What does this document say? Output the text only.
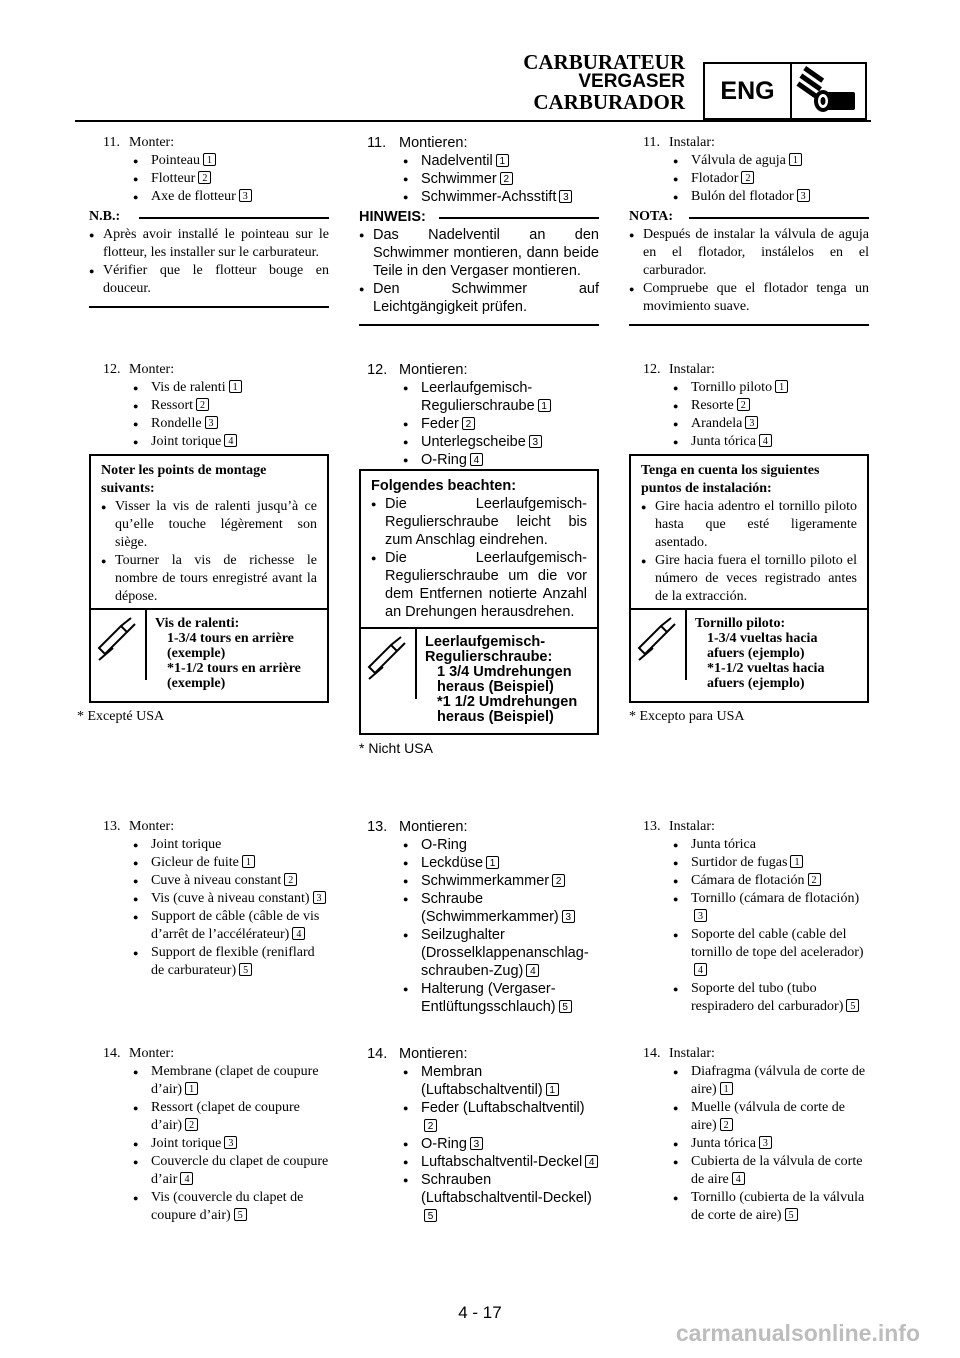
CARBURATEUR
VERGASER
CARBURADOR	ENG
11. Monter:
● Pointeau 1
● Flotteur 2
● Axe de flotteur 3
N.B.:
● Après avoir installé le pointeau sur le flotteur, les installer sur le carburateur.
● Vérifier que le flotteur bouge en douceur.
12. Monter:
● Vis de ralenti 1
● Ressort 2
● Rondelle 3
● Joint torique 4
Noter les points de montage suivants:
● Visser la vis de ralenti jusqu’à ce qu’elle touche légèrement son siège.
● Tourner la vis de richesse le nombre de tours enregistré avant la dépose.
Vis de ralenti:
1-3/4 tours en arrière (exemple)
*1-1/2 tours en arrière (exemple)
* Excepté USA
13. Monter:
● Joint torique
● Gicleur de fuite 1
● Cuve à niveau constant 2
● Vis (cuve à niveau constant) 3
● Support de câble (câble de vis d’arrêt de l’accélérateur) 4
● Support de flexible (reniflard de carburateur) 5
14. Monter:
● Membrane (clapet de coupure d’air) 1
● Ressort (clapet de coupure d’air) 2
● Joint torique 3
● Couvercle du clapet de coupure d’air 4
● Vis (couvercle du clapet de coupure d’air) 5
11. Montieren:
● Nadelventil 1
● Schwimmer 2
● Schwimmer-Achsstift 3
HINWEIS:
● Das Nadelventil an den Schwimmer montieren, dann beide Teile in den Vergaser montieren.
● Den Schwimmer auf Leichtgängigkeit prüfen.
12. Montieren:
● Leerlaufgemisch-Regulierschraube 1
● Feder 2
● Unterlegscheibe 3
● O-Ring 4
Folgendes beachten:
● Die Leerlaufgemisch-Regulierschraube leicht bis zum Anschlag eindrehen.
● Die Leerlaufgemisch-Regulierschraube um die vor dem Entfernen notierte Anzahl an Drehungen herausdrehen.
Leerlaufgemisch-Regulierschraube:
1 3/4 Umdrehungen heraus (Beispiel)
*1 1/2 Umdrehungen heraus (Beispiel)
* Nicht USA
13. Montieren:
● O-Ring
● Leckdüse 1
● Schwimmerkammer 2
● Schraube (Schwimmerkammer) 3
● Seilzughalter (Drosselklappenanschlag-schrauben-Zug) 4
● Halterung (Vergaser-Entlüftungsschlauch) 5
14. Montieren:
● Membran (Luftabschaltventil) 1
● Feder (Luftabschaltventil)2
● O-Ring 3
● Luftabschaltventil-Deckel 4
● Schrauben (Luftabschaltventil-Deckel)5
11. Instalar:
● Válvula de aguja 1
● Flotador 2
● Bulón del flotador 3
NOTA:
● Después de instalar la válvula de aguja en el flotador, instálelos en el carburador.
● Compruebe que el flotador tenga un movimiento suave.
12. Instalar:
● Tornillo piloto 1
● Resorte 2
● Arandela 3
● Junta tórica 4
Tenga en cuenta los siguientes puntos de instalación:
● Gire hacia adentro el tornillo piloto hasta que esté ligeramente asentado.
● Gire hacia fuera el tornillo piloto el número de veces registrado antes de la extracción.
Tornillo piloto:
1-3/4 vueltas hacia afuers (ejemplo)
*1-1/2 vueltas hacia afuers (ejemplo)
* Excepto para USA
13. Instalar:
● Junta tórica
● Surtidor de fugas 1
● Cámara de flotación 2
● Tornillo (cámara de flotación)3
● Soporte del cable (cable del tornillo de tope del acelerador)4
● Soporte del tubo (tubo respiradero del carburador) 5
14. Instalar:
● Diafragma (válvula de corte de aire) 1
● Muelle (válvula de corte de aire) 2
● Junta tórica 3
● Cubierta de la válvula de corte de aire 4
● Tornillo (cubierta de la válvula de corte de aire) 5
4 - 17
carmanualsonline.info
